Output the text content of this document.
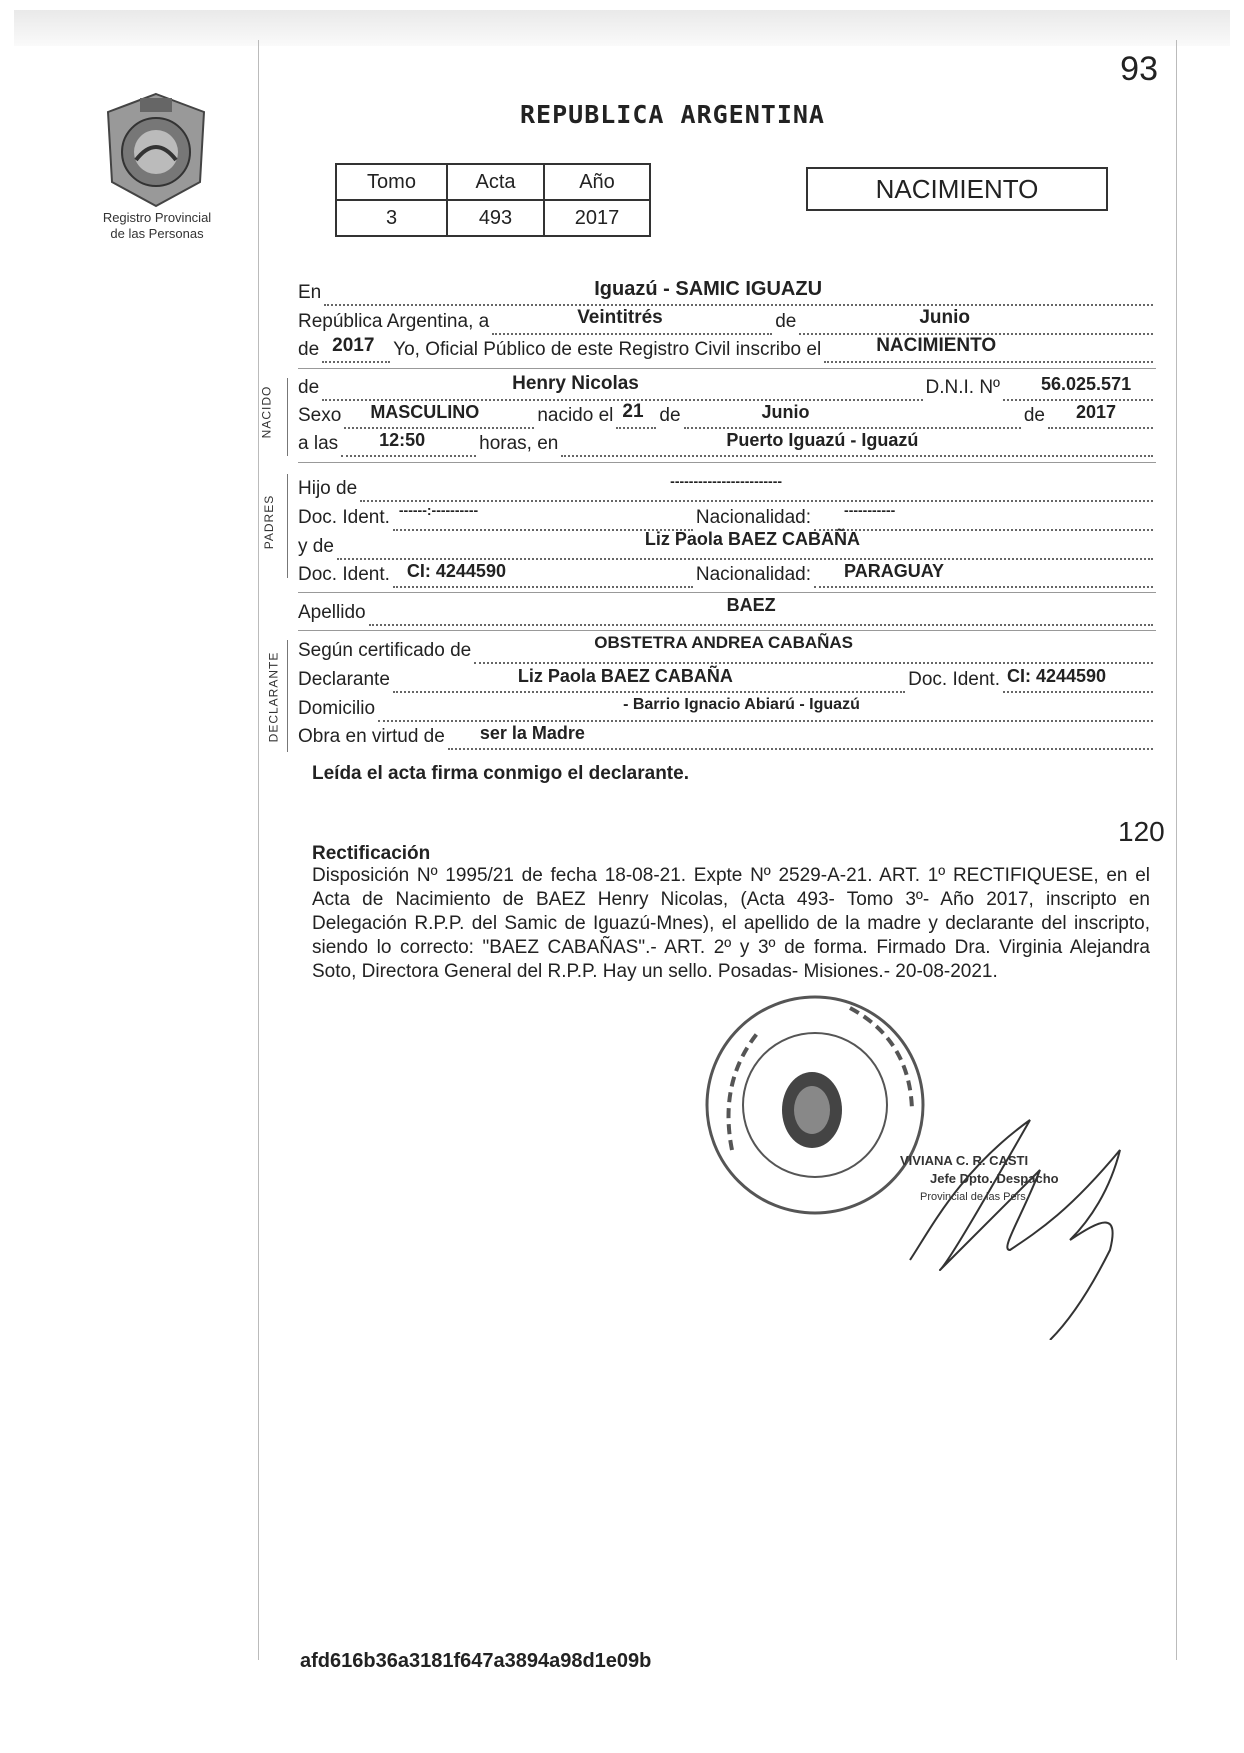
Registro Provincial
de las Personas
93
REPUBLICA ARGENTINA
Tomo	Acta	Año
3	493	2017
NACIMIENTO
NACIDO
PADRES
DECLARANTE
En	Iguazú - SAMIC IGUAZU
República Argentina, a	Veintitrés	de	Junio
de 2017 Yo, Oficial Público de este Registro Civil inscribo el	NACIMIENTO
de	Henry Nicolas	D.N.I. Nº 56.025.571
Sexo MASCULINO	nacido el 21 de	Junio	de 2017
a las 12:50	horas, en	Puerto Iguazú - Iguazú
Hijo de	------------------------
Doc. Ident. ------:----------	Nacionalidad: -----------
y de	Liz Paola BAEZ CABAÑA
Doc. Ident. CI: 4244590	Nacionalidad: PARAGUAY
Apellido	BAEZ
Según certificado de	OBSTETRA ANDREA CABAÑAS
Declarante	Liz Paola BAEZ CABAÑA	Doc. Ident. CI: 4244590
Domicilio	- Barrio Ignacio Abiarú - Iguazú
Obra en virtud de ser la Madre
Leída el acta firma conmigo el declarante.
120
Rectificación
Disposición Nº 1995/21 de fecha 18-08-21. Expte Nº 2529-A-21. ART. 1º RECTIFIQUESE, en el Acta de Nacimiento de BAEZ Henry Nicolas, (Acta 493- Tomo 3º- Año 2017, inscripto en Delegación R.P.P. del Samic de Iguazú-Mnes), el apellido de la madre y declarante del inscripto, siendo lo correcto: "BAEZ CABAÑAS".- ART. 2º y 3º de forma. Firmado Dra. Virginia Alejandra Soto, Directora General del R.P.P. Hay un sello. Posadas- Misiones.- 20-08-2021.
VIVIANA C. R. CASTI
Jefe Dpto. Despacho
Provincial de las Pers
afd616b36a3181f647a3894a98d1e09b
